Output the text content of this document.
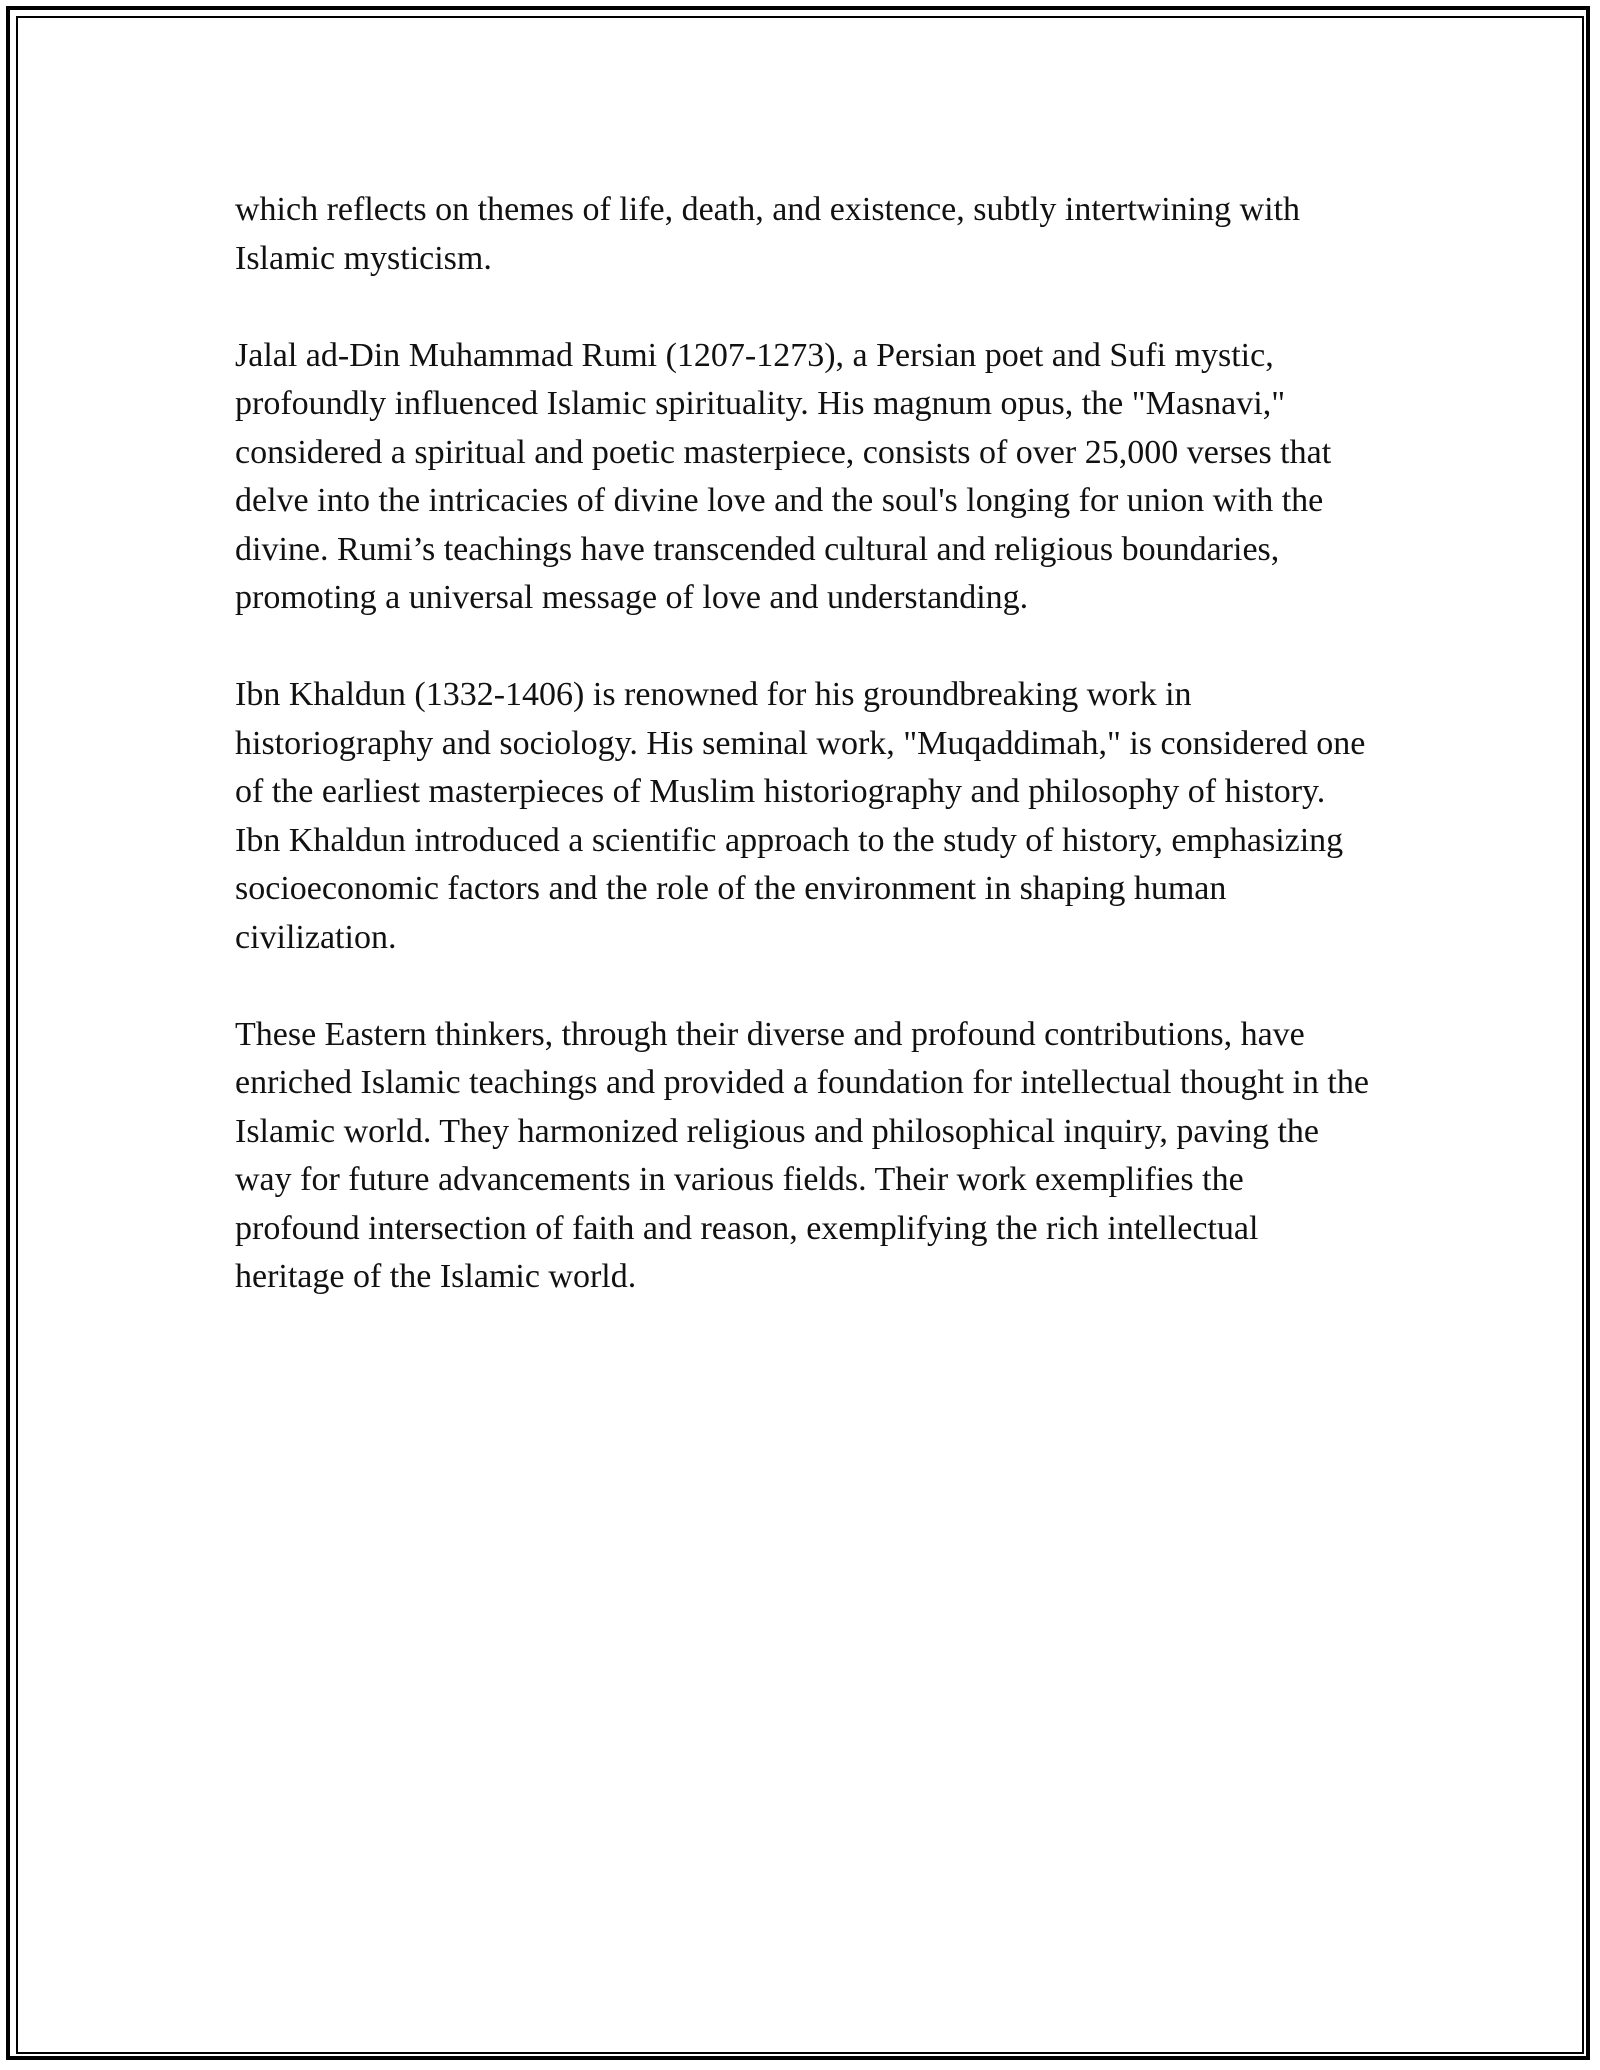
which reflects on themes of life, death, and existence, subtly intertwining with Islamic mysticism.

Jalal ad-Din Muhammad Rumi (1207-1273), a Persian poet and Sufi mystic, profoundly influenced Islamic spirituality. His magnum opus, the "Masnavi," considered a spiritual and poetic masterpiece, consists of over 25,000 verses that delve into the intricacies of divine love and the soul's longing for union with the divine. Rumi’s teachings have transcended cultural and religious boundaries, promoting a universal message of love and understanding.

Ibn Khaldun (1332-1406) is renowned for his groundbreaking work in historiography and sociology. His seminal work, "Muqaddimah," is considered one of the earliest masterpieces of Muslim historiography and philosophy of history. Ibn Khaldun introduced a scientific approach to the study of history, emphasizing socioeconomic factors and the role of the environment in shaping human civilization.

These Eastern thinkers, through their diverse and profound contributions, have enriched Islamic teachings and provided a foundation for intellectual thought in the Islamic world. They harmonized religious and philosophical inquiry, paving the way for future advancements in various fields. Their work exemplifies the profound intersection of faith and reason, exemplifying the rich intellectual heritage of the Islamic world.
